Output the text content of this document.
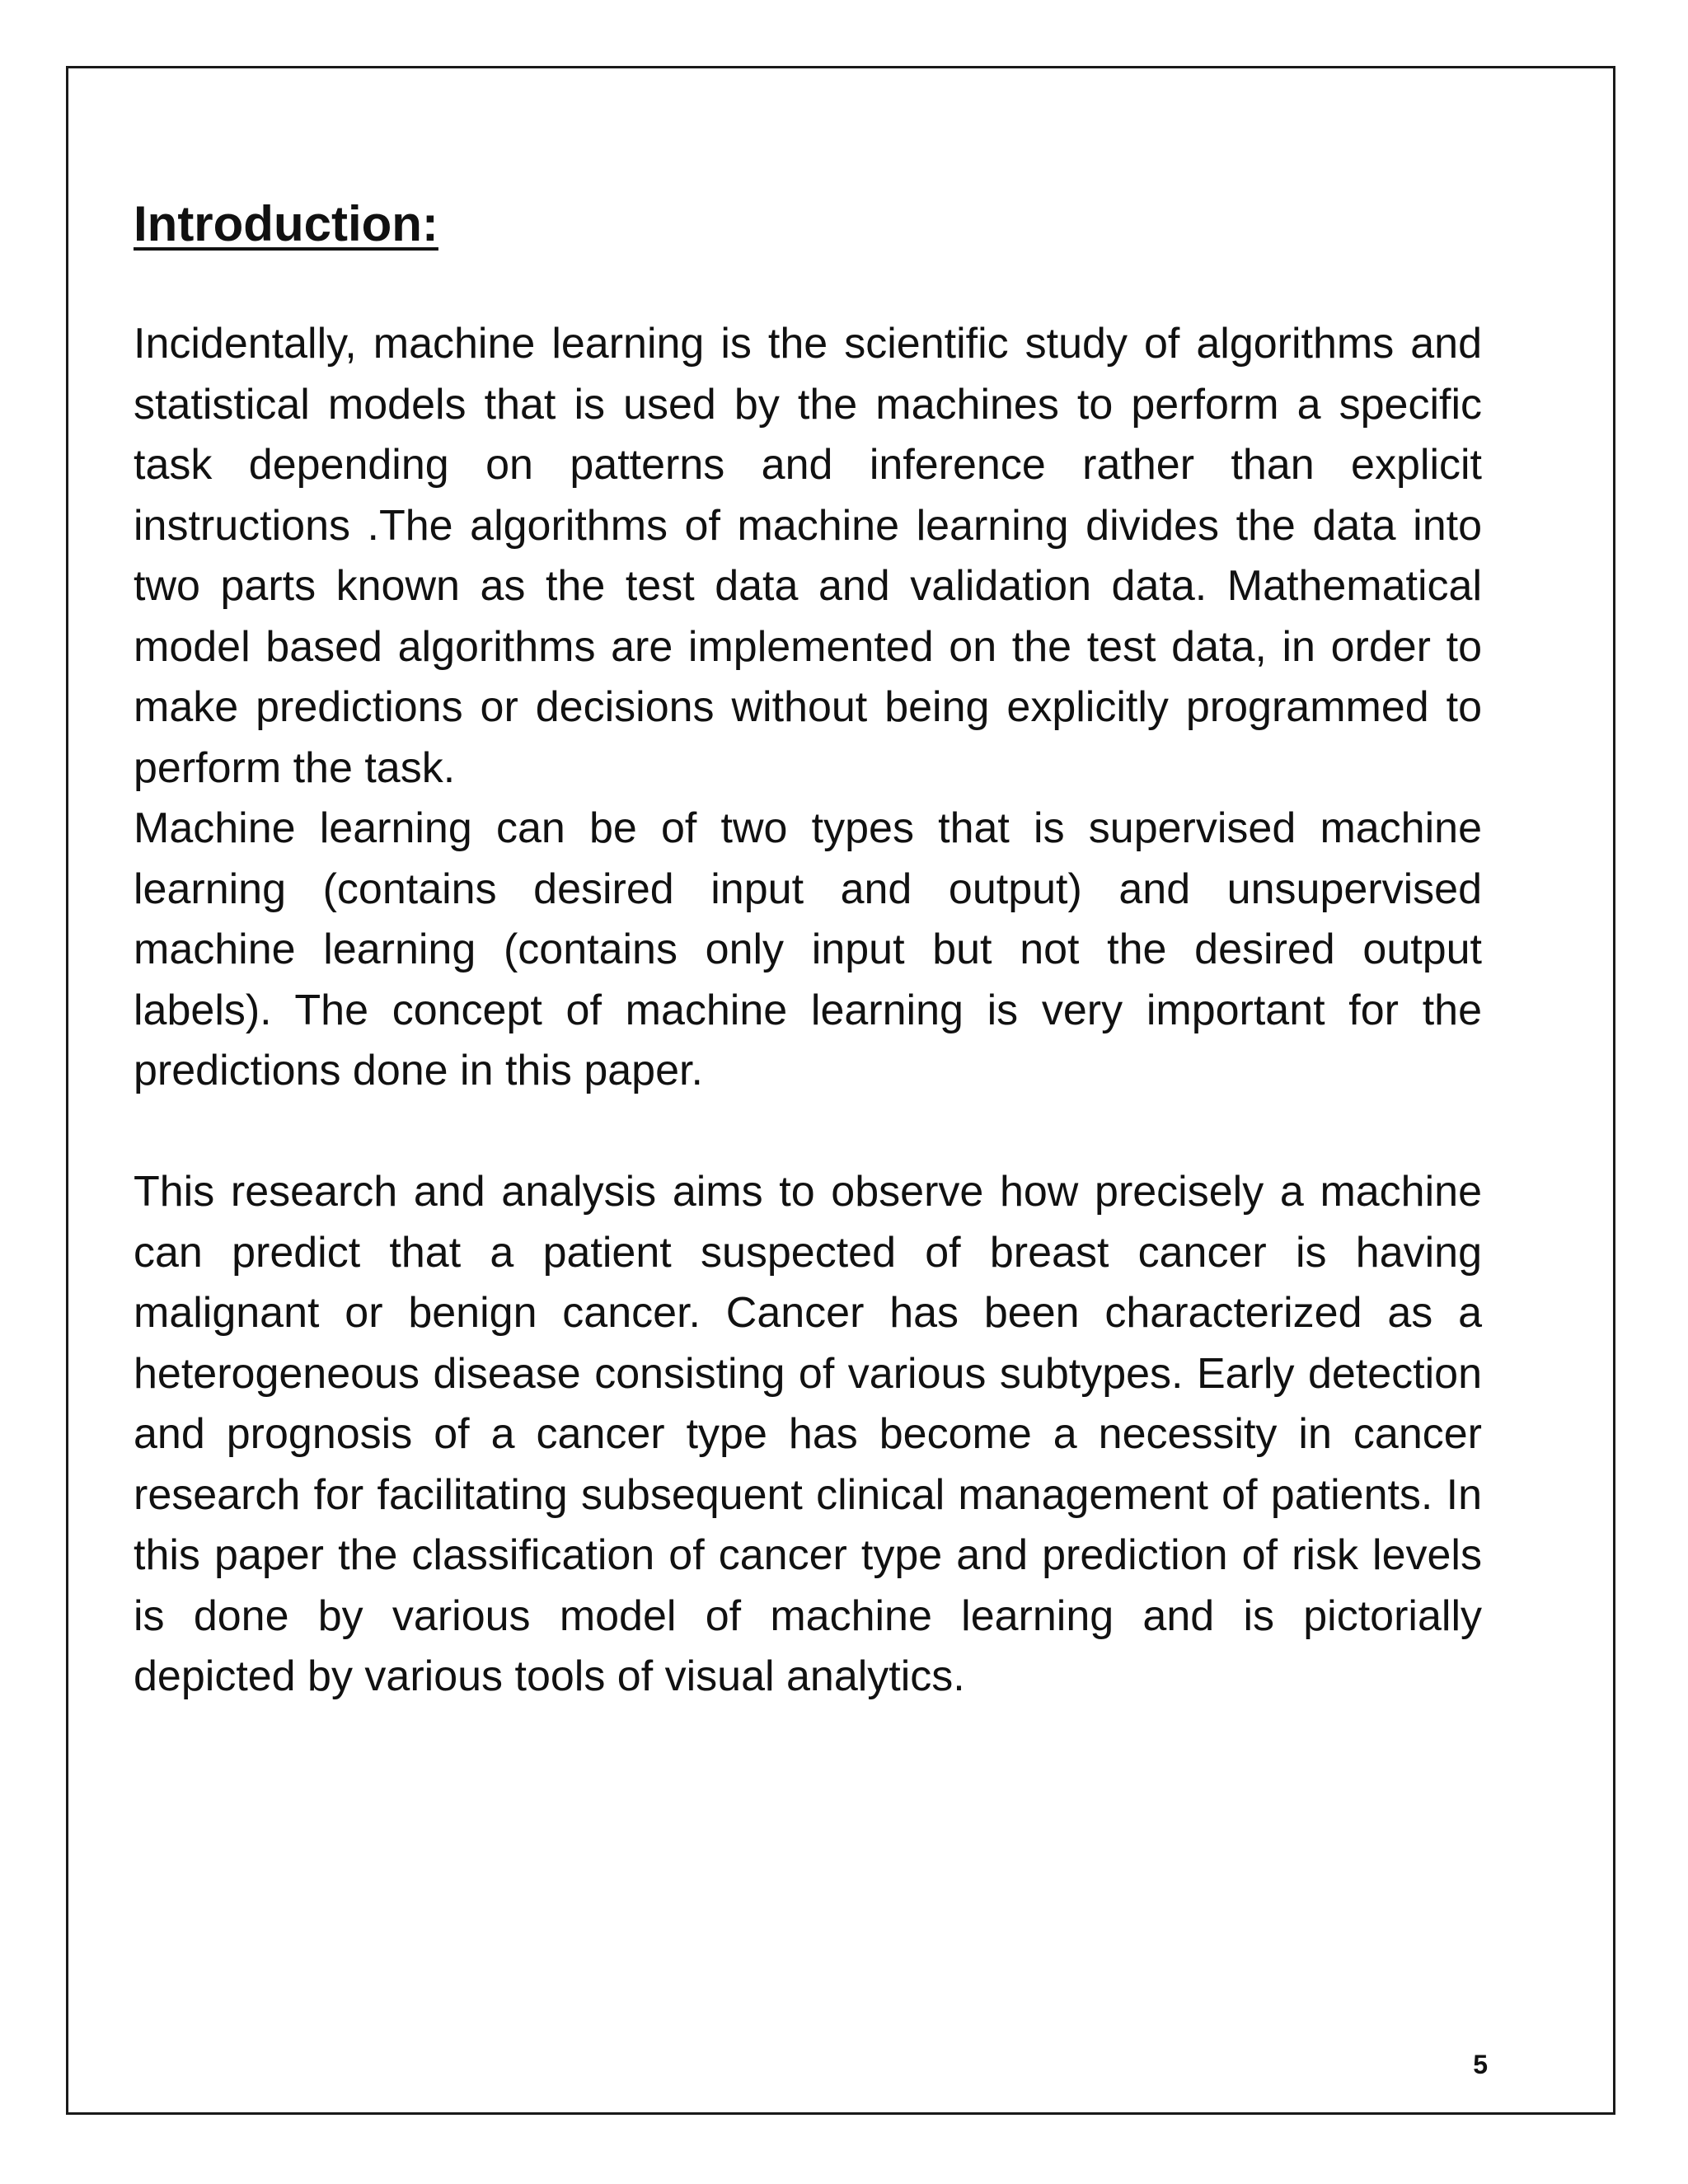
Introduction:

Incidentally, machine learning is the scientific study of algorithms and statistical models that is used by the machines to perform a specific task depending on patterns and inference rather than explicit instructions .The algorithms of machine learning divides the data into two parts known as the test data and validation data. Mathematical model based algorithms are implemented on the test data, in order to make predictions or decisions without being explicitly programmed to perform the task.

Machine learning can be of two types that is supervised machine learning (contains desired input and output) and unsupervised machine learning (contains only input but not the desired output labels). The concept of machine learning is very important for the predictions done in this paper.

This research and analysis aims to observe how precisely a machine can predict that a patient suspected of breast cancer is having malignant or benign cancer. Cancer has been characterized as a heterogeneous disease consisting of various subtypes. Early detection and prognosis of a cancer type has become a necessity in cancer research for facilitating subsequent clinical management of patients. In this paper the classification of cancer type and prediction of risk levels is done by various model of machine learning and is pictorially depicted by various tools of visual analytics.

5
